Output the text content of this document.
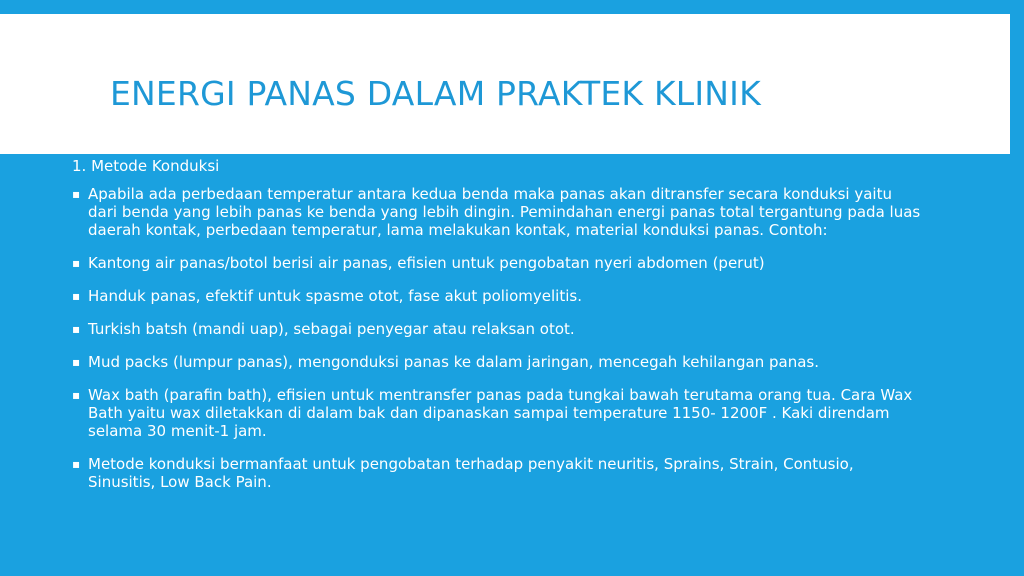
ENERGI PANAS DALAM PRAKTEK KLINIK
1. Metode Konduksi
▪ Apabila ada perbedaan temperatur antara kedua benda maka panas akan ditransfer secara konduksi yaitu dari benda yang lebih panas ke benda yang lebih dingin. Pemindahan energi panas total tergantung pada luas daerah kontak, perbedaan temperatur, lama melakukan kontak, material konduksi panas. Contoh:
▪ Kantong air panas/botol berisi air panas, efisien untuk pengobatan nyeri abdomen (perut)
▪ Handuk panas, efektif untuk spasme otot, fase akut poliomyelitis.
▪ Turkish batsh (mandi uap), sebagai penyegar atau relaksan otot.
▪ Mud packs (lumpur panas), mengonduksi panas ke dalam jaringan, mencegah kehilangan panas.
▪ Wax bath (parafin bath), efisien untuk mentransfer panas pada tungkai bawah terutama orang tua. Cara Wax Bath yaitu wax diletakkan di dalam bak dan dipanaskan sampai temperature 1150- 1200F . Kaki direndam selama 30 menit-1 jam.
▪ Metode konduksi bermanfaat untuk pengobatan terhadap penyakit neuritis, Sprains, Strain, Contusio, Sinusitis, Low Back Pain.
